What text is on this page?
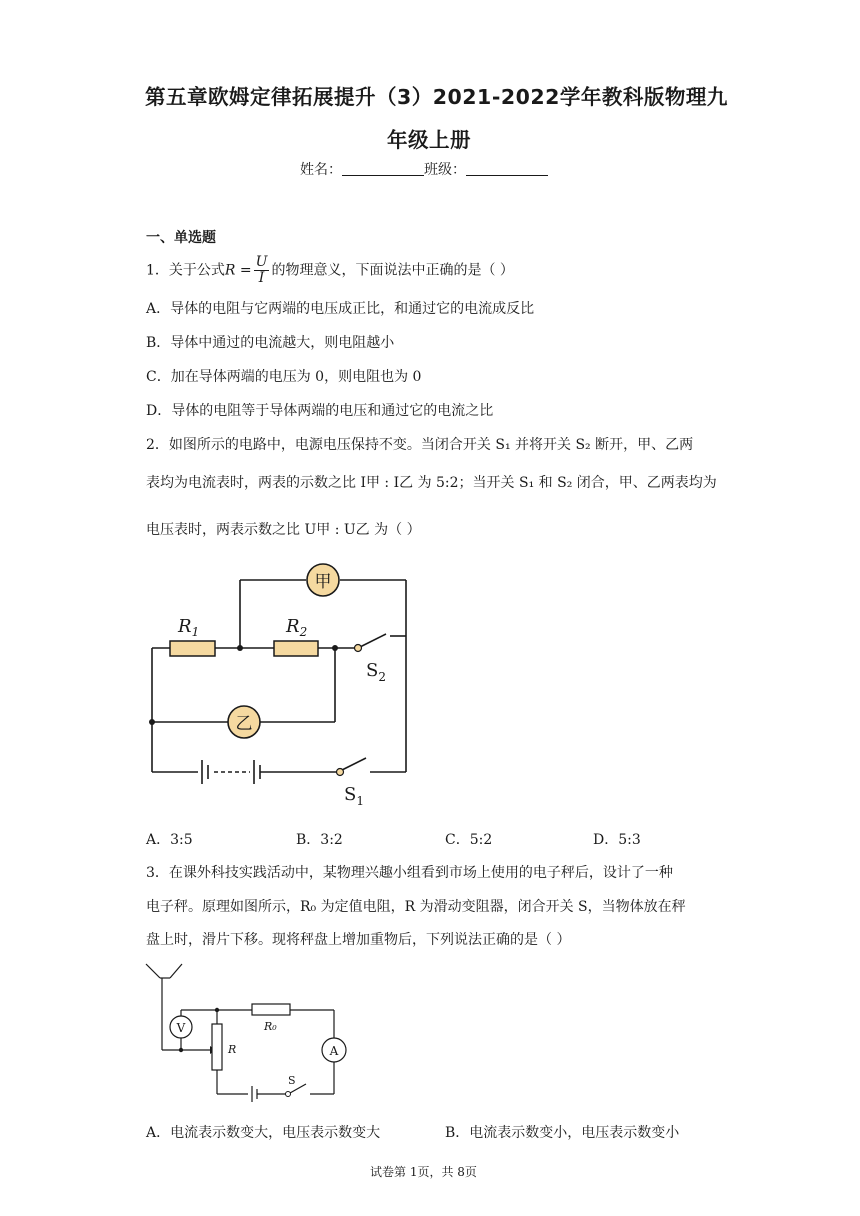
第五章欧姆定律拓展提升（3）2021-2022学年教科版物理九
年级上册
姓名：	班级：
一、单选题
1．关于公式$R = \frac{U}{I}$ 的物理意义，下面说法中正确的是（ ）
A．导体的电阻与它两端的电压成正比，和通过它的电流成反比
B．导体中通过的电流越大，则电阻越小
C．加在导体两端的电压为 0，则电阻也为 0
D．导体的电阻等于导体两端的电压和通过它的电流之比
2．如图所示的电路中，电源电压保持不变。当闭合开关 S₁ 并将开关 S₂ 断开，甲、乙两
表均为电流表时，两表的示数之比 I甲 : I乙 为 5:2；当开关 S₁ 和 S₂ 闭合，甲、乙两表均为
电压表时，两表示数之比 U甲 : U乙 为（ ）
甲
乙
$R_1$	$R_2$
$S_2$
$S_1$
A．3:5	B．3:2	C．5:2	D．5:3
3．在课外科技实践活动中，某物理兴趣小组看到市场上使用的电子秤后，设计了一种
电子秤。原理如图所示，R₀ 为定值电阻，R 为滑动变阻器，闭合开关 S，当物体放在秤
盘上时，滑片下移。现将秤盘上增加重物后，下列说法正确的是（ ）
V
A
R₀
R
S
A．电流表示数变大，电压表示数变大	B．电流表示数变小，电压表示数变小
试卷第 1页，共 8页
